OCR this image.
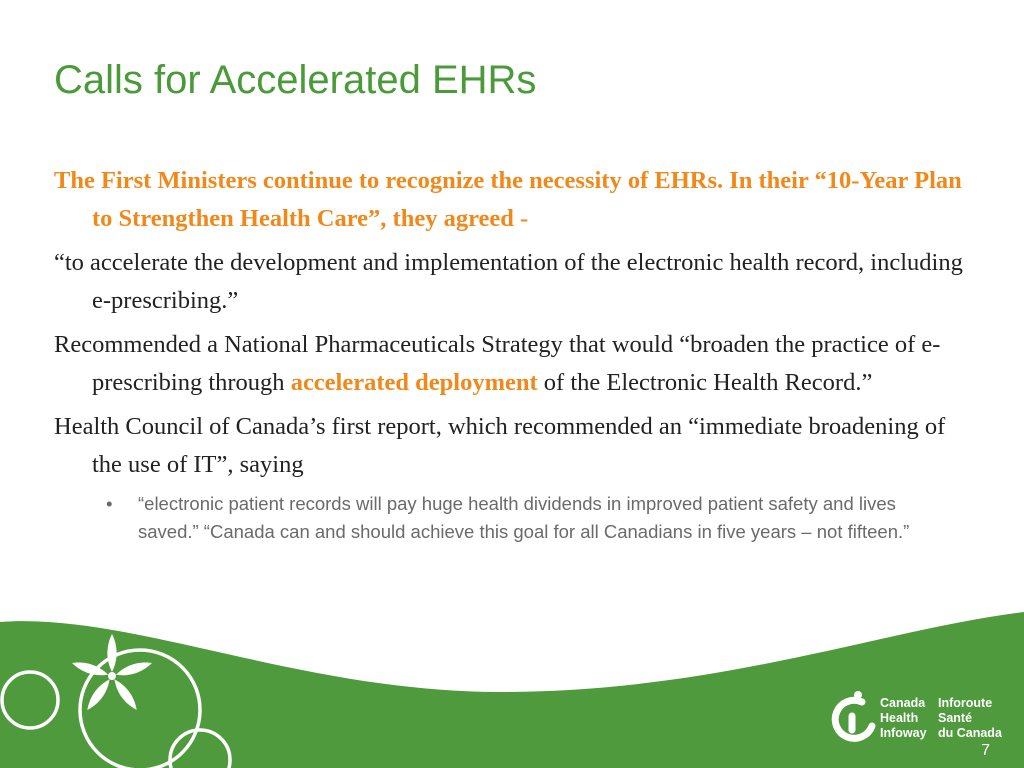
Calls for Accelerated EHRs

The First Ministers continue to recognize the necessity of EHRs. In their “10-Year Plan to Strengthen Health Care”, they agreed -

“to accelerate the development and implementation of the electronic health record, including e-prescribing.”

Recommended a National Pharmaceuticals Strategy that would “broaden the practice of e-prescribing through accelerated deployment of the Electronic Health Record.”

Health Council of Canada’s first report, which recommended an “immediate broadening of the use of IT”, saying

• “electronic patient records will pay huge health dividends in improved patient safety and lives saved.” “Canada can and should achieve this goal for all Canadians in five years – not fifteen.”
Canada
Health
Infoway
Inforoute
Santé
du Canada
7
